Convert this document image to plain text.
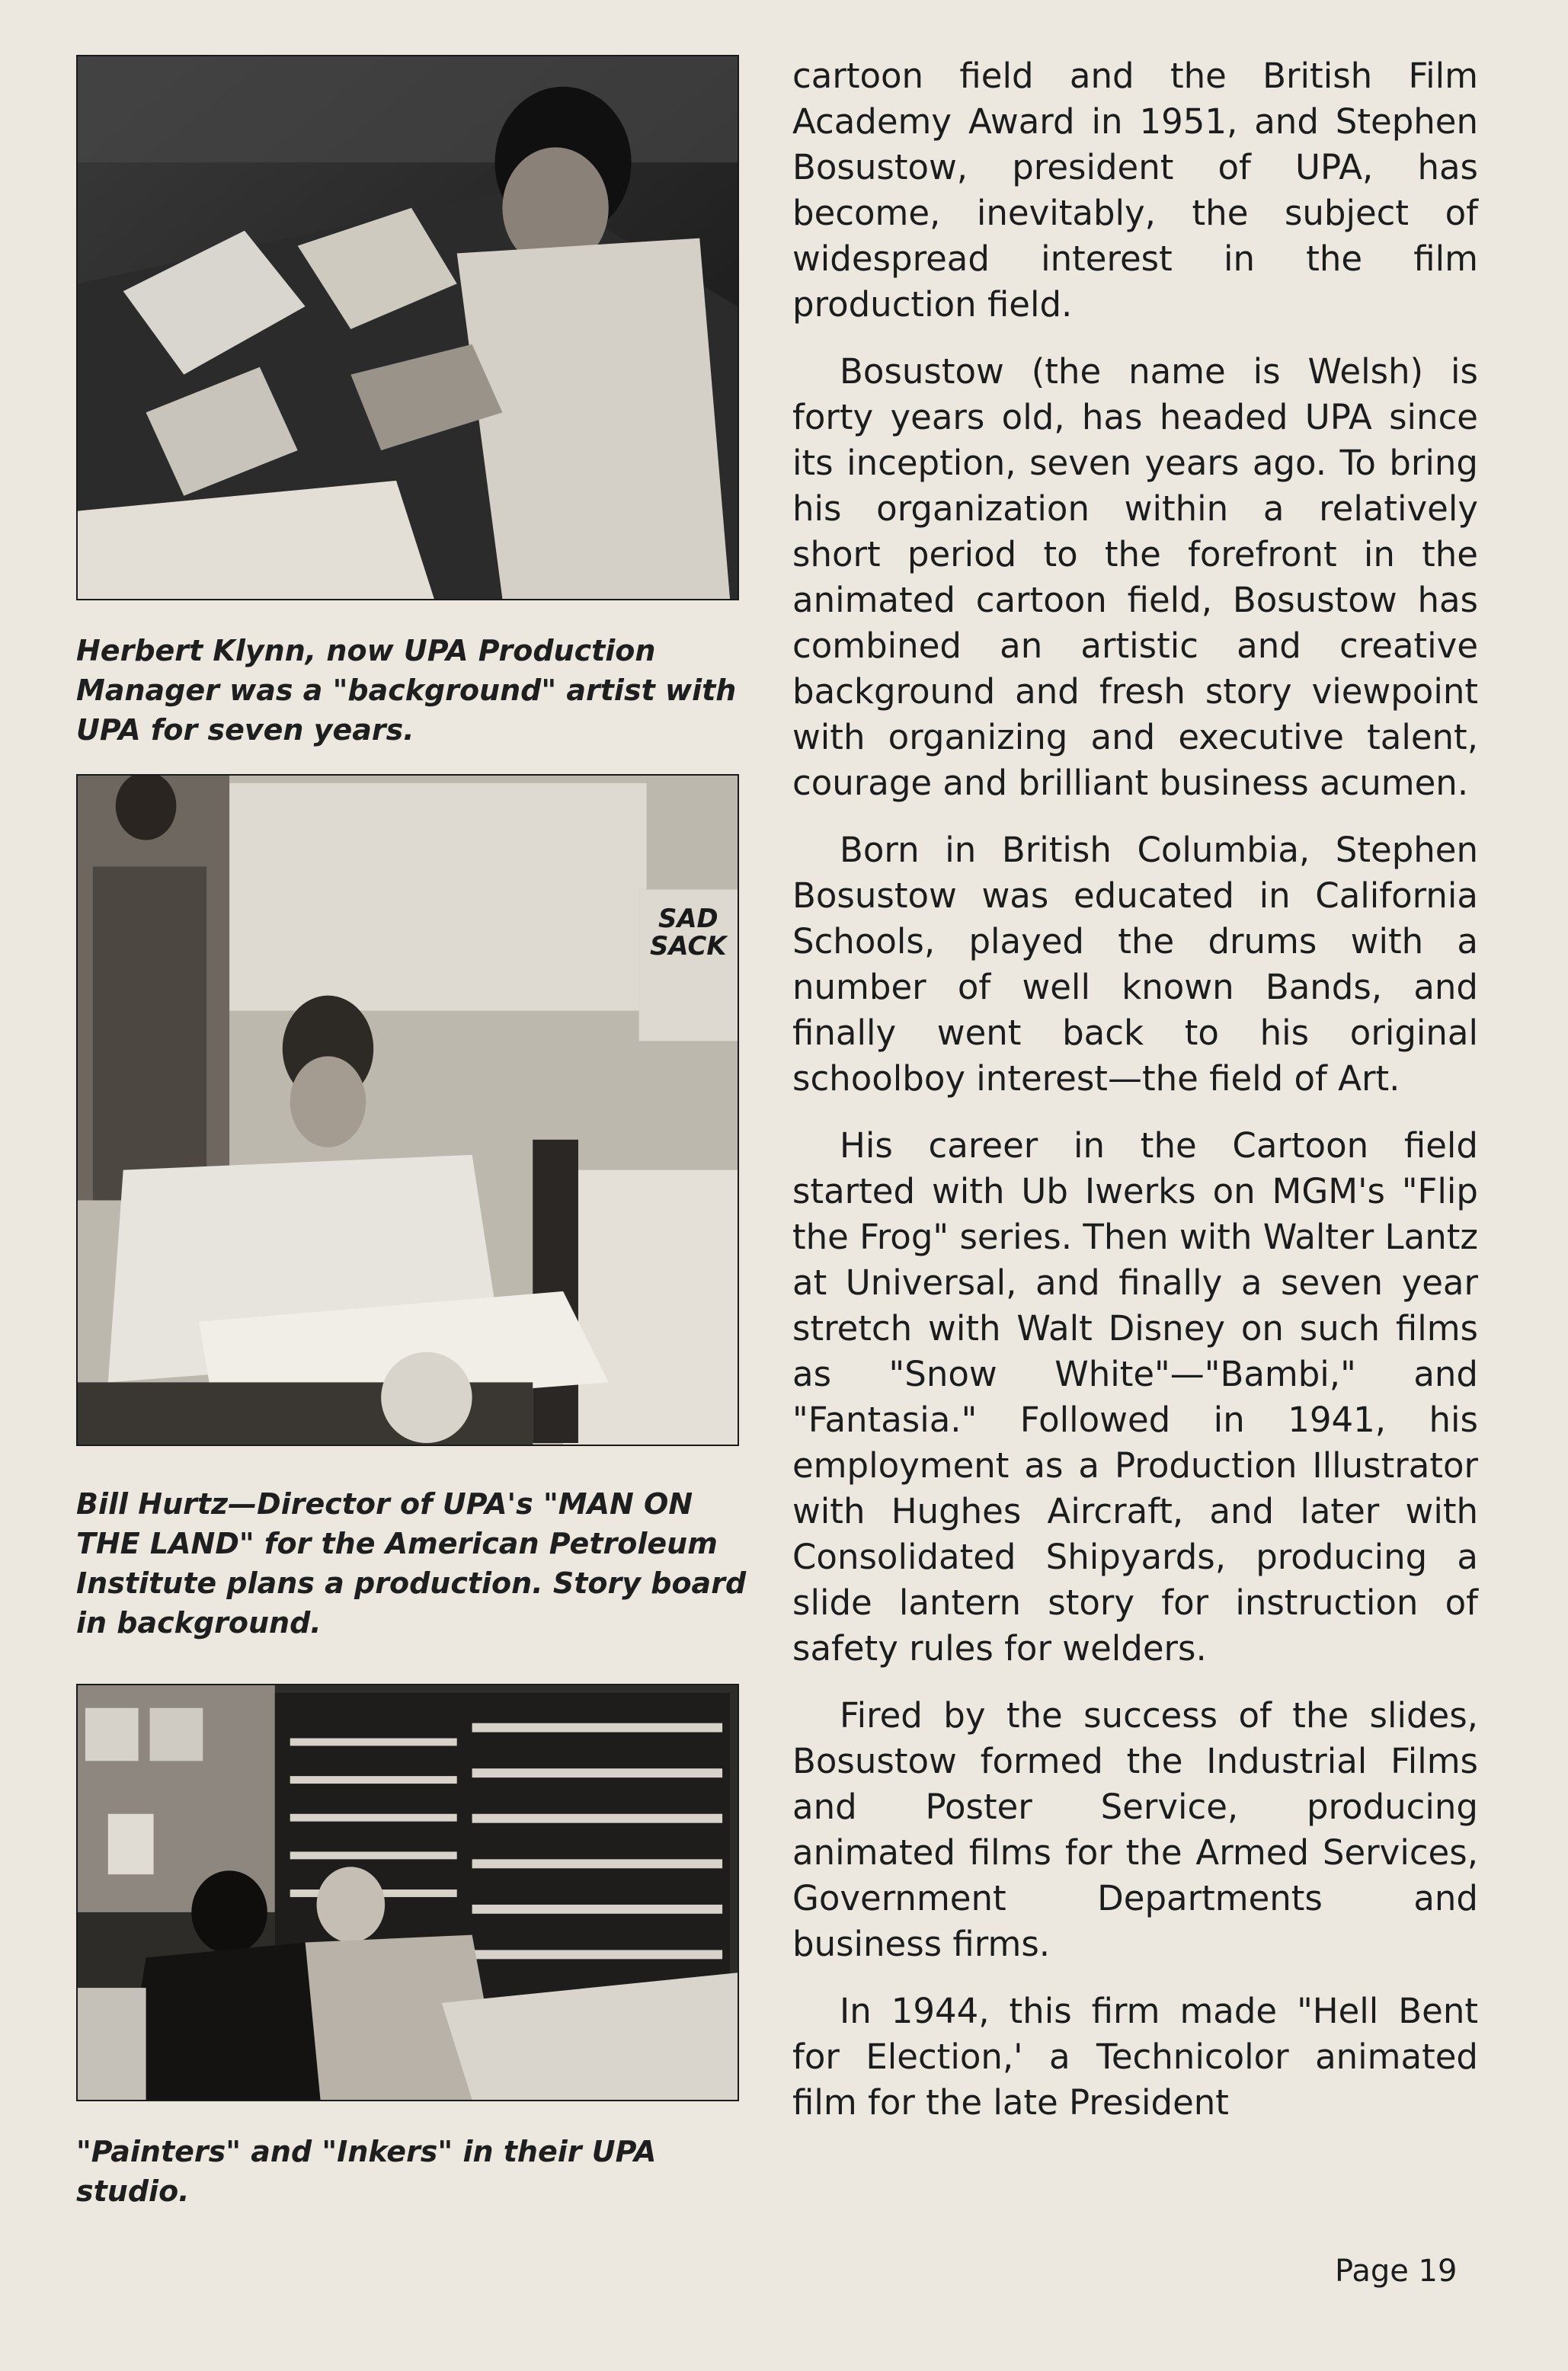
Herbert Klynn, now UPA Production Manager was a "background" artist with UPA for seven years.

SAD
SACK

Bill Hurtz—Director of UPA's "MAN ON THE LAND" for the American Petroleum Institute plans a production. Story board in background.

"Painters" and "Inkers" in their UPA studio.

cartoon field and the British Film Academy Award in 1951, and Stephen Bosustow, president of UPA, has become, inevitably, the subject of widespread interest in the film production field.

Bosustow (the name is Welsh) is forty years old, has headed UPA since its inception, seven years ago. To bring his organization within a relatively short period to the forefront in the animated cartoon field, Bosustow has combined an artistic and creative background and fresh story viewpoint with organizing and executive talent, courage and brilliant business acumen.

Born in British Columbia, Stephen Bosustow was educated in California Schools, played the drums with a number of well known Bands, and finally went back to his original schoolboy interest—the field of Art.

His career in the Cartoon field started with Ub Iwerks on MGM's "Flip the Frog" series. Then with Walter Lantz at Universal, and finally a seven year stretch with Walt Disney on such films as "Snow White"—"Bambi," and "Fantasia." Followed in 1941, his employment as a Production Illustrator with Hughes Aircraft, and later with Consolidated Shipyards, producing a slide lantern story for instruction of safety rules for welders.

Fired by the success of the slides, Bosustow formed the Industrial Films and Poster Service, producing animated films for the Armed Services, Government Departments and business firms.

In 1944, this firm made "Hell Bent for Election,' a Technicolor animated film for the late President

Page 19
